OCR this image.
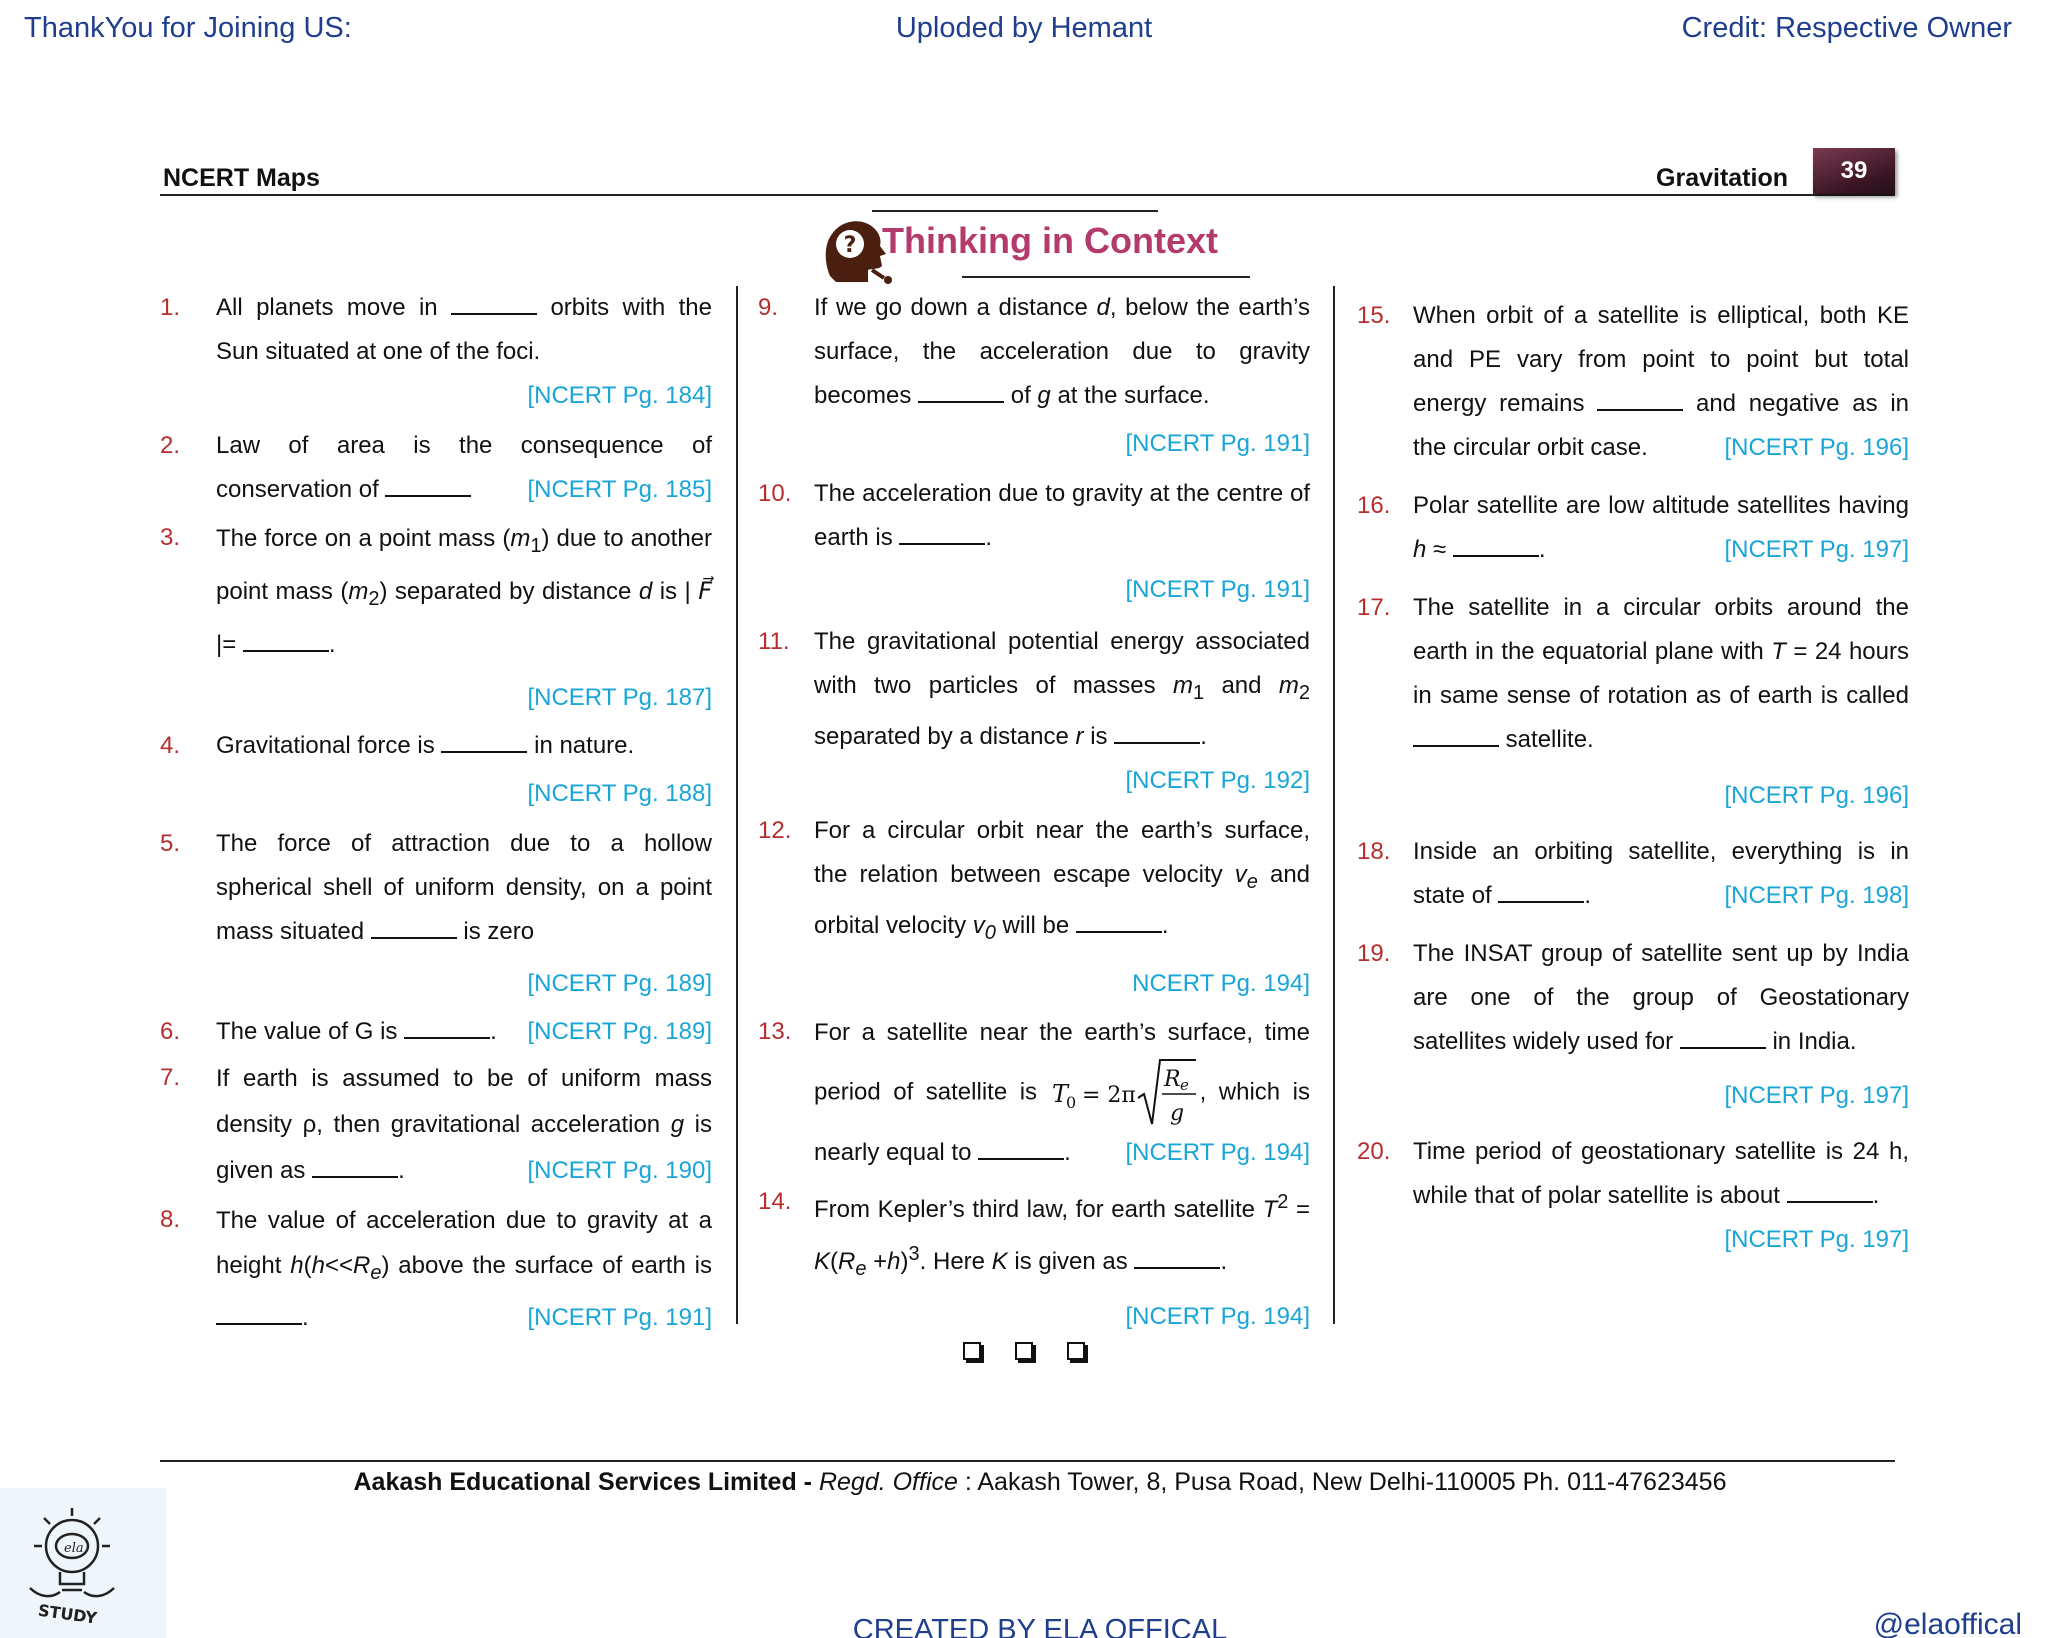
ThankYou for Joining US:	Uploded by Hemant	Credit: Respective Owner
NCERT Maps	Gravitation	39
? Thinking in Context
1.	All planets move in	orbits with the Sun situated at one of the foci.
[NCERT Pg. 184]
2.	Law of area is the consequence of conservation of	[NCERT Pg. 185]
3.	The force on a point mass $(m_1)$ due to another point mass $(m_2)$ separated by distance d is | F⃗ |=	.
[NCERT Pg. 187]
4.	Gravitational force is	in nature.
[NCERT Pg. 188]
5.	The force of attraction due to a hollow spherical shell of uniform density, on a point mass situated	is zero
[NCERT Pg. 189]
6.	The value of G is	. [NCERT Pg. 189]
7.	If earth is assumed to be of uniform mass density ρ, then gravitational acceleration g is given as	.	[NCERT Pg. 190]
8.	The value of acceleration due to gravity at a height $h(h<<R_e)$ above the surface of earth is .	[NCERT Pg. 191]
9.	If we go down a distance d, below the earth’s surface, the acceleration due to gravity becomes	of g at the surface.
[NCERT Pg. 191]
10. The acceleration due to gravity at the centre of earth is	.
[NCERT Pg. 191]
11.	The gravitational potential energy associated with two particles of masses $m_1$ and $m_2$ separated by a distance r is	.
[NCERT Pg. 192]
12. For a circular orbit near the earth’s surface, the relation between escape velocity $v_e$ and orbital velocity $v_0$ will be	.
NCERT Pg. 194]
13. For a satellite near the earth’s surface, time period of satellite is T
0 = 2π
R e
g
, which is nearly equal to	. [NCERT Pg. 194]
14. From Kepler’s third law, for earth satellite $T^2 = K(R_e +h)^3$. Here K is given as	.
[NCERT Pg. 194]
15. When orbit of a satellite is elliptical, both KE and PE vary from point to point but total energy remains	and negative as in the circular orbit case.	[NCERT Pg. 196]
16. Polar satellite are low altitude satellites having h ≈	.	[NCERT Pg. 197]
17. The satellite in a circular orbits around the earth in the equatorial plane with T = 24 hours in same sense of rotation as of earth is called  satellite.
[NCERT Pg. 196]
18. Inside an orbiting satellite, everything is in state of	.	[NCERT Pg. 198]
19. The INSAT group of satellite sent up by India are one of the group of Geostationary satellites widely used for	in India.
[NCERT Pg. 197]
20. Time period of geostationary satellite is 24 h, while that of polar satellite is about	.
[NCERT Pg. 197]

Aakash Educational Services Limited - Regd. Office : Aakash Tower, 8, Pusa Road, New Delhi-110005 Ph. 011-47623456
ela
STUDY	CREATED BY ELA OFFICAL	@elaoffical
